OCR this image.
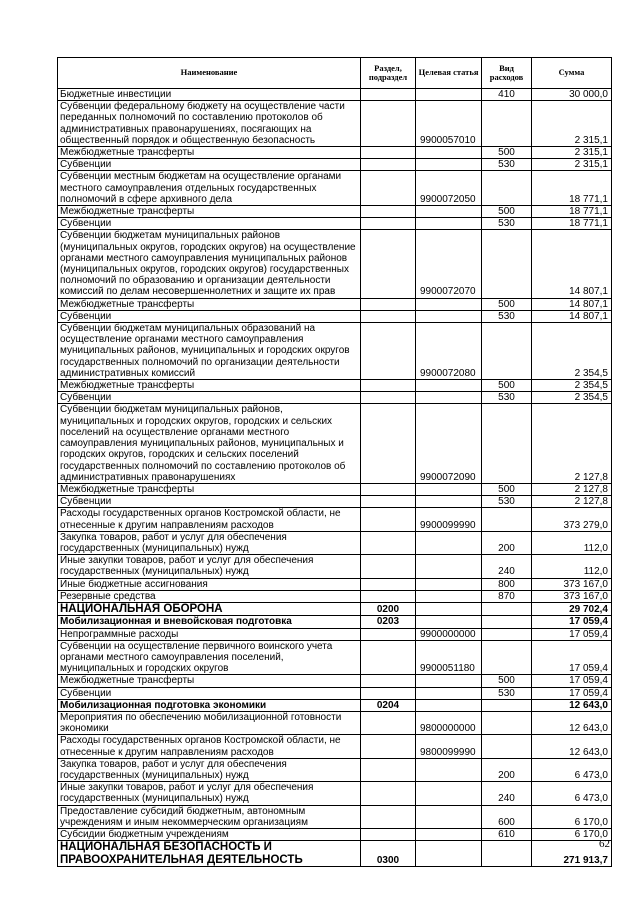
Наименование	Раздел, подраздел	Целевая статья	Вид расходов	Сумма
Бюджетные инвестиции			410	30 000,0
Субвенции федеральному бюджету на осуществление части переданных полномочий по составлению протоколов об административных правонарушениях, посягающих на общественный порядок и общественную безопасность		9900057010		2 315,1
Межбюджетные трансферты			500	2 315,1
Субвенции			530	2 315,1
Субвенции местным бюджетам на осуществление органами местного самоуправления отдельных государственных полномочий в сфере архивного дела		9900072050		18 771,1
Межбюджетные трансферты			500	18 771,1
Субвенции			530	18 771,1
Субвенции бюджетам муниципальных районов (муниципальных округов, городских округов) на осуществление органами местного самоуправления муниципальных районов (муниципальных округов, городских округов) государственных полномочий по образованию и организации деятельности комиссий по делам несовершеннолетних и защите их прав		9900072070		14 807,1
Межбюджетные трансферты			500	14 807,1
Субвенции			530	14 807,1
Субвенции бюджетам муниципальных образований на осуществление органами местного самоуправления муниципальных районов, муниципальных и городских округов государственных полномочий по организации деятельности административных комиссий		9900072080		2 354,5
Межбюджетные трансферты			500	2 354,5
Субвенции			530	2 354,5
Субвенции бюджетам муниципальных районов, муниципальных и городских округов, городских и сельских поселений на осуществление органами местного самоуправления муниципальных районов, муниципальных и городских округов, городских и сельских поселений государственных полномочий по составлению протоколов об административных правонарушениях		9900072090		2 127,8
Межбюджетные трансферты			500	2 127,8
Субвенции			530	2 127,8
Расходы государственных органов Костромской области, не отнесенные к другим направлениям расходов		9900099990		373 279,0
Закупка товаров, работ и услуг для обеспечения государственных (муниципальных) нужд			200	112,0
Иные закупки товаров, работ и услуг для обеспечения государственных (муниципальных) нужд			240	112,0
Иные бюджетные ассигнования			800	373 167,0
Резервные средства			870	373 167,0
НАЦИОНАЛЬНАЯ ОБОРОНА	0200			29 702,4
Мобилизационная и вневойсковая подготовка	0203			17 059,4
Непрограммные расходы		9900000000		17 059,4
Субвенции на осуществление первичного воинского учета органами местного самоуправления поселений, муниципальных и городских округов		9900051180		17 059,4
Межбюджетные трансферты			500	17 059,4
Субвенции			530	17 059,4
Мобилизационная подготовка экономики	0204			12 643,0
Мероприятия по обеспечению мобилизационной готовности экономики		9800000000		12 643,0
Расходы государственных органов Костромской области, не отнесенные к другим направлениям расходов		9800099990		12 643,0
Закупка товаров, работ и услуг для обеспечения государственных (муниципальных) нужд			200	6 473,0
Иные закупки товаров, работ и услуг для обеспечения государственных (муниципальных) нужд			240	6 473,0
Предоставление субсидий бюджетным, автономным учреждениям и иным некоммерческим организациям			600	6 170,0
Субсидии бюджетным учреждениям			610	6 170,0
НАЦИОНАЛЬНАЯ БЕЗОПАСНОСТЬ И ПРАВООХРАНИТЕЛЬНАЯ ДЕЯТЕЛЬНОСТЬ	0300			271 913,7
62
